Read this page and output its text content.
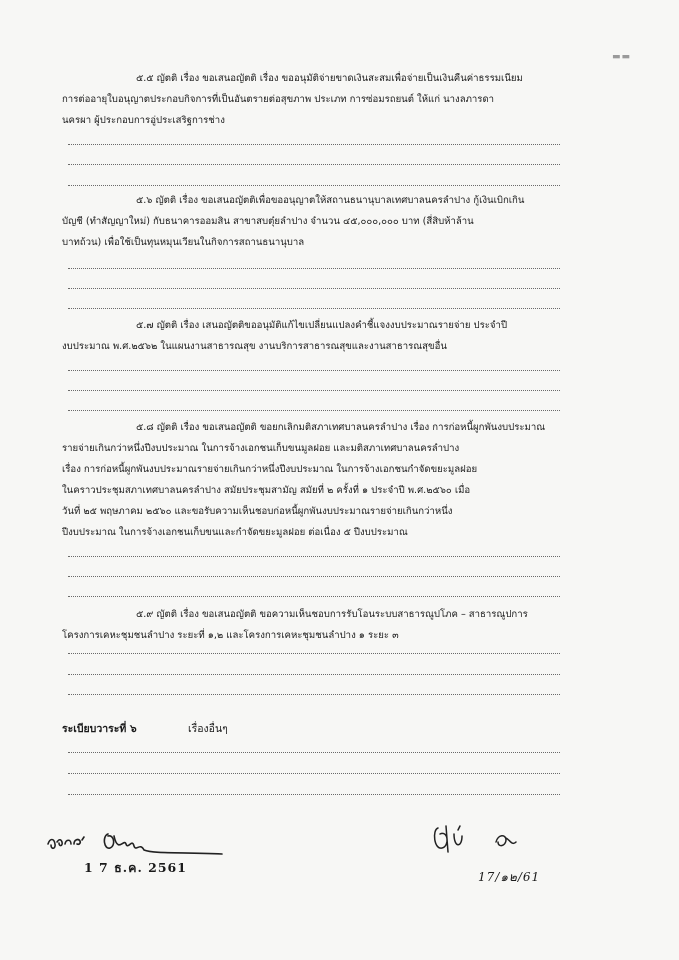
▬▬
๕.๕ ญัตติ เรื่อง ขอเสนอญัตติ เรื่อง ขออนุมัติจ่ายขาดเงินสะสมเพื่อจ่ายเป็นเงินคืนค่าธรรมเนียม
การต่ออายุใบอนุญาตประกอบกิจการที่เป็นอันตรายต่อสุขภาพ ประเภท การซ่อมรถยนต์ ให้แก่ นางลภารดา
นครผา ผู้ประกอบการอู่ประเสริฐการช่าง
๕.๖ ญัตติ เรื่อง ขอเสนอญัตติเพื่อขออนุญาตให้สถานธนานุบาลเทศบาลนครลำปาง กู้เงินเบิกเกิน
บัญชี (ทำสัญญาใหม่) กับธนาคารออมสิน สาขาสบตุ๋ยลำปาง จำนวน ๔๕,๐๐๐,๐๐๐ บาท (สี่สิบห้าล้าน
บาทถ้วน) เพื่อใช้เป็นทุนหมุนเวียนในกิจการสถานธนานุบาล
๕.๗ ญัตติ เรื่อง เสนอญัตติขออนุมัติแก้ไขเปลี่ยนแปลงคำชี้แจงงบประมาณรายจ่าย ประจำปี
งบประมาณ พ.ศ.๒๕๖๒ ในแผนงานสาธารณสุข งานบริการสาธารณสุขและงานสาธารณสุขอื่น
๕.๘ ญัตติ เรื่อง ขอเสนอญัตติ ขอยกเลิกมติสภาเทศบาลนครลำปาง เรื่อง การก่อหนี้ผูกพันงบประมาณ
รายจ่ายเกินกว่าหนึ่งปีงบประมาณ ในการจ้างเอกชนเก็บขนมูลฝอย และมติสภาเทศบาลนครลำปาง
เรื่อง การก่อหนี้ผูกพันงบประมาณรายจ่ายเกินกว่าหนึ่งปีงบประมาณ ในการจ้างเอกชนกำจัดขยะมูลฝอย
ในคราวประชุมสภาเทศบาลนครลำปาง สมัยประชุมสามัญ สมัยที่ ๒ ครั้งที่ ๑ ประจำปี พ.ศ.๒๕๖๐ เมื่อ
วันที่ ๒๕ พฤษภาคม ๒๕๖๐ และขอรับความเห็นชอบก่อหนี้ผูกพันงบประมาณรายจ่ายเกินกว่าหนึ่ง
ปีงบประมาณ ในการจ้างเอกชนเก็บขนและกำจัดขยะมูลฝอย ต่อเนื่อง ๕ ปีงบประมาณ
๕.๙ ญัตติ เรื่อง ขอเสนอญัตติ ขอความเห็นชอบการรับโอนระบบสาธารณูปโภค – สาธารณูปการ
โครงการเคหะชุมชนลำปาง ระยะที่ ๑,๒ และโครงการเคหะชุมชนลำปาง ๑ ระยะ ๓
ระเบียบวาระที่ ๖	เรื่องอื่นๆ
1 7 ธ.ค. 2561
17/๑๒/61
